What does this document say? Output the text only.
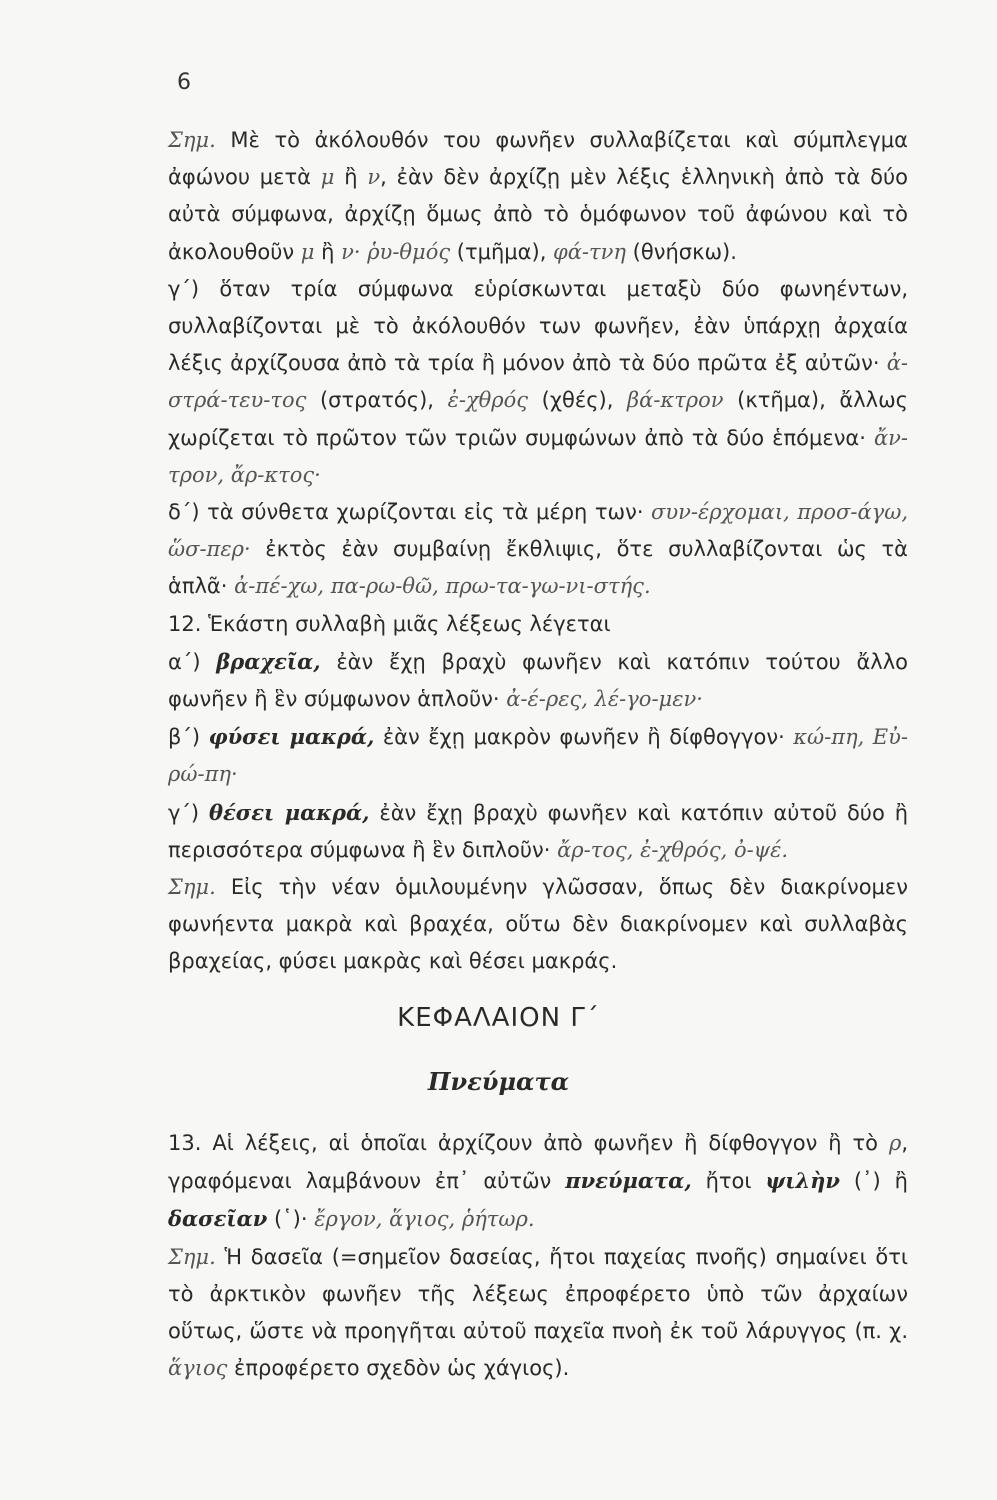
6

Σημ. Μὲ τὸ ἀκόλουθόν του φωνῆεν συλλαβίζεται καὶ σύμπλεγμα ἀφώνου μετὰ μ ἢ ν, ἐὰν δὲν ἀρχίζῃ μὲν λέξις ἑλληνικὴ ἀπὸ τὰ δύο αὐτὰ σύμφωνα, ἀρχίζῃ ὅμως ἀπὸ τὸ ὁμόφωνον τοῦ ἀφώνου καὶ τὸ ἀκολουθοῦν μ ἢ ν· ῥυ-θμός (τμῆμα), φά-τνη (θνήσκω).

γ΄) ὅταν τρία σύμφωνα εὑρίσκωνται μεταξὺ δύο φωνηέντων, συλλαβίζονται μὲ τὸ ἀκόλουθόν των φωνῆεν, ἐὰν ὑπάρχῃ ἀρχαία λέξις ἀρχίζουσα ἀπὸ τὰ τρία ἢ μόνον ἀπὸ τὰ δύο πρῶτα ἐξ αὐτῶν· ἀ-στρά-τευ-τος (στρατός), ἐ-χθρός (χθές), βά-κτρον (κτῆμα), ἄλλως χωρίζεται τὸ πρῶτον τῶν τριῶν συμφώνων ἀπὸ τὰ δύο ἑπόμενα· ἄν-τρον, ἄρ-κτος·

δ΄) τὰ σύνθετα χωρίζονται εἰς τὰ μέρη των· συν-έρχομαι, προσ-άγω, ὥσ-περ· ἐκτὸς ἐὰν συμβαίνῃ ἔκθλιψις, ὅτε συλλαβίζονται ὡς τὰ ἁπλᾶ· ἀ-πέ-χω, πα-ρω-θῶ, πρω-τα-γω-νι-στής.

12. Ἑκάστη συλλαβὴ μιᾶς λέξεως λέγεται

α΄) βραχεῖα, ἐὰν ἔχῃ βραχὺ φωνῆεν καὶ κατόπιν τούτου ἄλλο φωνῆεν ἢ ἓν σύμφωνον ἁπλοῦν· ἀ-έ-ρες, λέ-γο-μεν·

β΄) φύσει μακρά, ἐὰν ἔχῃ μακρὸν φωνῆεν ἢ δίφθογγον· κώ-πη, Εὐ-ρώ-πη·

γ΄) θέσει μακρά, ἐὰν ἔχῃ βραχὺ φωνῆεν καὶ κατόπιν αὐτοῦ δύο ἢ περισσότερα σύμφωνα ἢ ἓν διπλοῦν· ἄρ-τος, ἐ-χθρός, ὀ-ψέ.

Σημ. Εἰς τὴν νέαν ὁμιλουμένην γλῶσσαν, ὅπως δὲν διακρίνομεν φωνήεντα μακρὰ καὶ βραχέα, οὕτω δὲν διακρίνομεν καὶ συλλαβὰς βραχείας, φύσει μακρὰς καὶ θέσει μακράς.

ΚΕΦΑΛΑΙΟΝ Γ΄
Πνεύματα

13. Αἱ λέξεις, αἱ ὁποῖαι ἀρχίζουν ἀπὸ φωνῆεν ἢ δίφθογγον ἢ τὸ ρ, γραφόμεναι λαμβάνουν ἐπ᾽ αὐτῶν πνεύματα, ἤτοι ψιλὴν (᾽) ἢ δασεῖαν (῾)· ἔργον, ἅγιος, ῥήτωρ.

Σημ. Ἡ δασεῖα (=σημεῖον δασείας, ἤτοι παχείας πνοῆς) σημαίνει ὅτι τὸ ἀρκτικὸν φωνῆεν τῆς λέξεως ἐπροφέρετο ὑπὸ τῶν ἀρχαίων οὕτως, ὥστε νὰ προηγῆται αὐτοῦ παχεῖα πνοὴ ἐκ τοῦ λάρυγγος (π. χ. ἅγιος ἐπροφέρετο σχεδὸν ὡς χάγιος).
